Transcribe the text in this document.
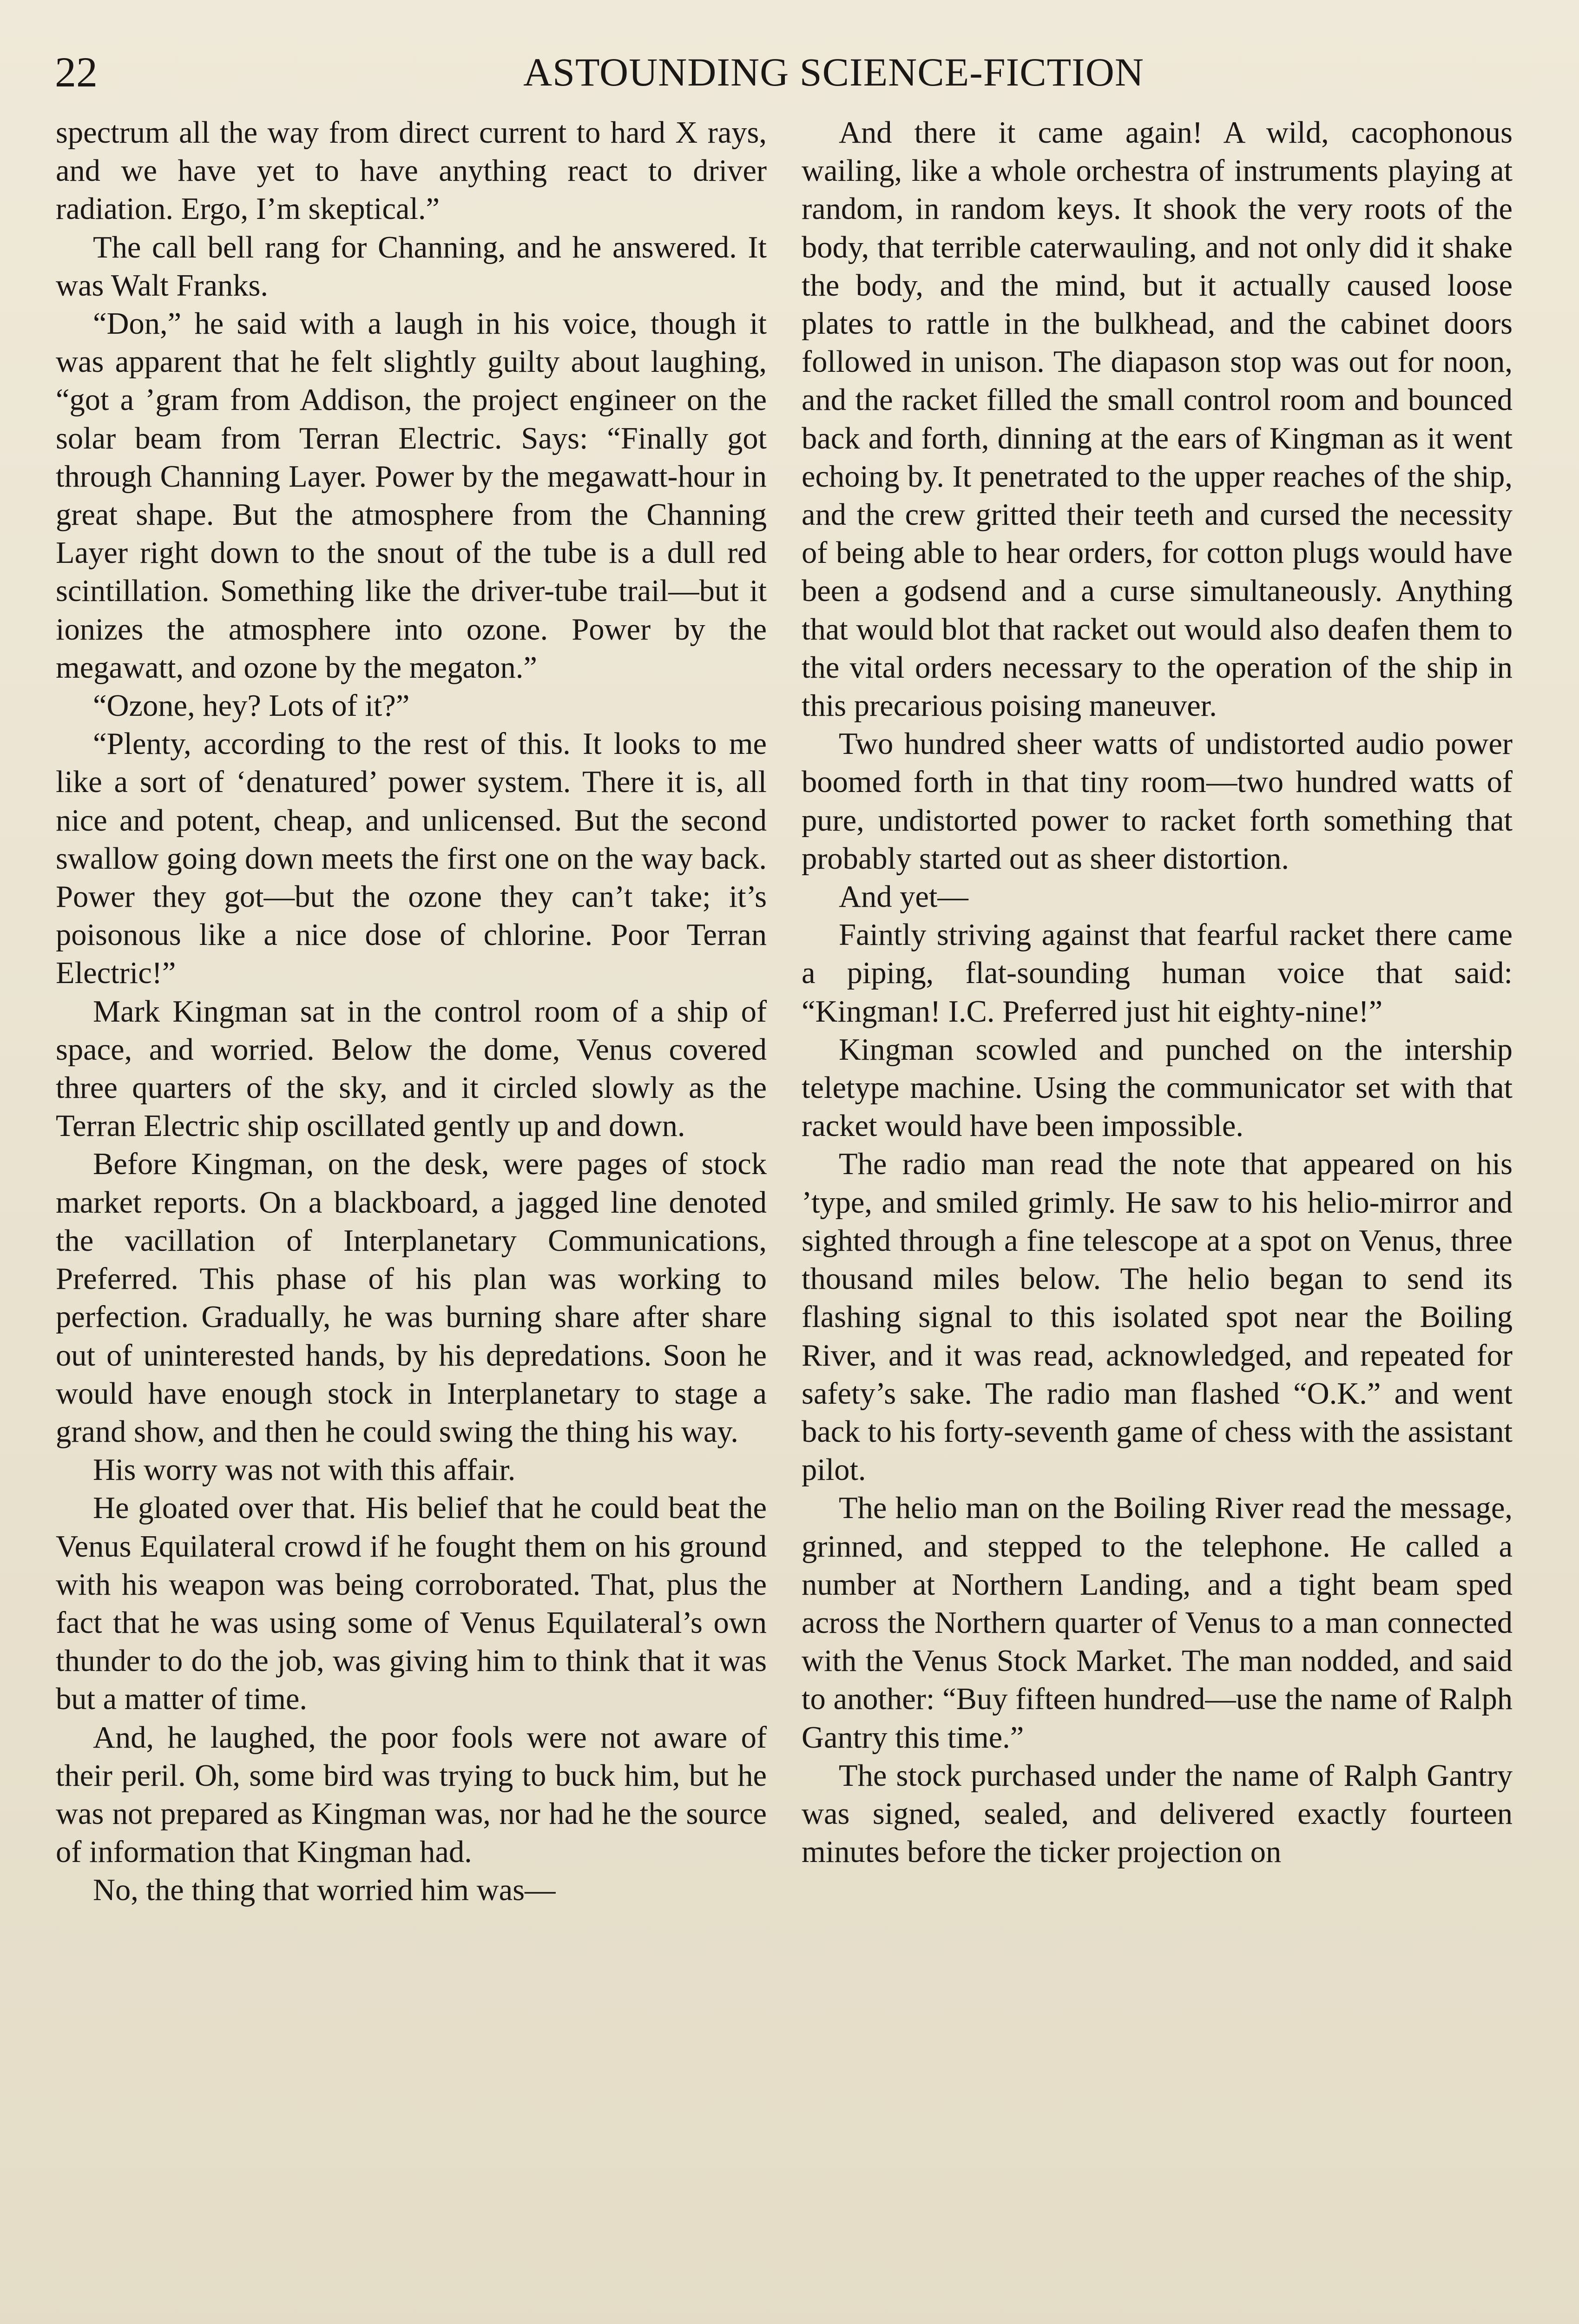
22	ASTOUNDING SCIENCE-FICTION

spectrum all the way from direct current to hard X rays, and we have yet to have anything react to driver radiation. Ergo, I’m skeptical.”

The call bell rang for Channing, and he answered. It was Walt Franks.

“Don,” he said with a laugh in his voice, though it was apparent that he felt slightly guilty about laughing, “got a ’gram from Addison, the project engineer on the solar beam from Terran Electric. Says: “Finally got through Channing Layer. Power by the megawatt-hour in great shape. But the atmosphere from the Channing Layer right down to the snout of the tube is a dull red scintillation. Something like the driver-tube trail—but it ionizes the atmosphere into ozone. Power by the megawatt, and ozone by the megaton.”

“Ozone, hey? Lots of it?”

“Plenty, according to the rest of this. It looks to me like a sort of ‘denatured’ power system. There it is, all nice and potent, cheap, and unlicensed. But the second swallow going down meets the first one on the way back. Power they got—but the ozone they can’t take; it’s poisonous like a nice dose of chlorine. Poor Terran Electric!”

Mark Kingman sat in the control room of a ship of space, and worried. Below the dome, Venus covered three quarters of the sky, and it circled slowly as the Terran Electric ship oscillated gently up and down.

Before Kingman, on the desk, were pages of stock market reports. On a blackboard, a jagged line denoted the vacillation of Interplanetary Communications, Preferred. This phase of his plan was working to perfection. Gradually, he was burning share after share out of uninterested hands, by his depredations. Soon he would have enough stock in Interplanetary to stage a grand show, and then he could swing the thing his way.

His worry was not with this affair.

He gloated over that. His belief that he could beat the Venus Equilateral crowd if he fought them on his ground with his weapon was being corroborated. That, plus the fact that he was using some of Venus Equilateral’s own thunder to do the job, was giving him to think that it was but a matter of time.

And, he laughed, the poor fools were not aware of their peril. Oh, some bird was trying to buck him, but he was not prepared as Kingman was, nor had he the source of information that Kingman had.

No, the thing that worried him was—

And there it came again! A wild, cacophonous wailing, like a whole orchestra of instruments playing at random, in random keys. It shook the very roots of the body, that terrible caterwauling, and not only did it shake the body, and the mind, but it actually caused loose plates to rattle in the bulkhead, and the cabinet doors followed in unison. The diapason stop was out for noon, and the racket filled the small control room and bounced back and forth, dinning at the ears of Kingman as it went echoing by. It penetrated to the upper reaches of the ship, and the crew gritted their teeth and cursed the necessity of being able to hear orders, for cotton plugs would have been a godsend and a curse simultaneously. Anything that would blot that racket out would also deafen them to the vital orders necessary to the operation of the ship in this precarious poising maneuver.

Two hundred sheer watts of undistorted audio power boomed forth in that tiny room—two hundred watts of pure, undistorted power to racket forth something that probably started out as sheer distortion.

And yet—

Faintly striving against that fearful racket there came a piping, flat-sounding human voice that said: “Kingman! I.C. Preferred just hit eighty-nine!”

Kingman scowled and punched on the intership teletype machine. Using the communicator set with that racket would have been impossible.

The radio man read the note that appeared on his ’type, and smiled grimly. He saw to his helio-mirror and sighted through a fine telescope at a spot on Venus, three thousand miles below. The helio began to send its flashing signal to this isolated spot near the Boiling River, and it was read, acknowledged, and repeated for safety’s sake. The radio man flashed “O.K.” and went back to his forty-seventh game of chess with the assistant pilot.

The helio man on the Boiling River read the message, grinned, and stepped to the telephone. He called a number at Northern Landing, and a tight beam sped across the Northern quarter of Venus to a man connected with the Venus Stock Market. The man nodded, and said to another: “Buy fifteen hundred—use the name of Ralph Gantry this time.”

The stock purchased under the name of Ralph Gantry was signed, sealed, and delivered exactly fourteen minutes before the ticker projection on
